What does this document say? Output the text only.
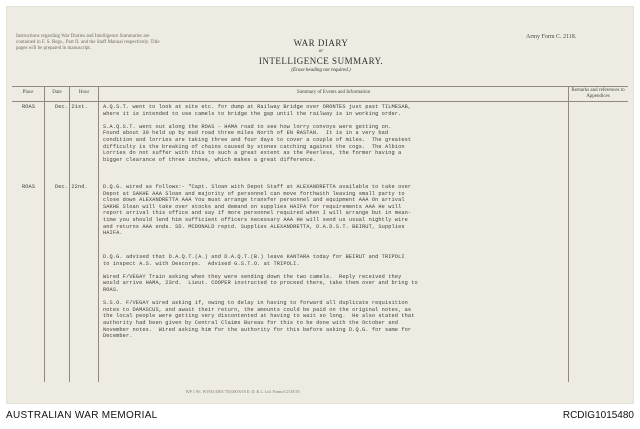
Instructions regarding War Diaries and Intelligence Summaries are contained in F. S. Regs., Part II. and the Staff Manual respectively. Title pages will be prepared in manuscript.
WAR DIARY
or
INTELLIGENCE SUMMARY.
(Erase heading not required.)
Army Form C. 2118.
Place	Date	Hour	Summary of Events and Information	Remarks and references to Appendices
ROAS	Dec. 21st.	A.Q.S.T. went to look at site etc. for dump at Railway Bridge over ORONTES just past TILMESAB,
where it is intended to use camels to bridge the gap until the railway is in working order.

S.A.Q.S.T. went out along the ROAS - HAMA road to see how lorry convoys were getting on.
Found about 30 held up by mud road three miles North of EN RASTAN.  It is in a very bad
condition and lorries are taking three and four days to cover a couple of miles.  The greatest
difficulty is the breaking of chains caused by stones catching against the cogs.  The Albion
Lorries do not suffer with this to such a great extent as the Peerless, the former having a
bigger clearance of three inches, which makes a great difference.
ROAS	Dec. 22nd.	D.Q.G. wired as follows:- "Capt. Sloan with Depot Staff at ALEXANDRETTA available to take over
Depot at SAKHE AAA Sloan and majority of personnel can move forthwith leaving small party to
close down ALEXANDRETTA AAA You must arrange transfer personnel and equipment AAA On arrival
SAKHE Sloan will take over stocks and demand on supplies HAIFA for requirements AAA He will
report arrival this office and say if more personnel required when I will arrange but in mean-
time you should lend him sufficient officers necessary AAA He will send us usual nightly wire
and returns AAA ends. SD. MCDONALD reptd. Supplies ALEXANDRETTA, D.A.D.S.T. BEIRUT, Supplies
HAIFA.
D.Q.G. advised that D.A.Q.T.(A.) and D.A.Q.T.(B.) leave KANTARA today for BEIRUT and TRIPOLI
to inspect A.S. with Descorps.  Advised G.S.T.O. at TRIPOLI.

Wired F/VEGAY Train asking when they were sending down the two camels.  Reply received they
would arrive HAMA, 23rd.  Lieut. COOPER instructed to proceed there, take them over and bring to
ROAS.

S.S.O. F/VEGAY wired asking if, owing to delay in having to forward all duplicate requisition
notes to DAMASCUS, and await their return, the amounts could be paid on the original notes, as
the local people were getting very discontented at having to wait so long.  He also stated that
authority had been given by Central Claims Bureau for this to be done with the October and
November notes.  Wired asking him for the authority for this before asking D.Q.G. for same for
December.
B/P 1 Wt. W1933/1803 750,000 8/18 D. D. & L. Ltd. Forms/C2118/19.
AUSTRALIAN WAR MEMORIAL	RCDIG1015480
